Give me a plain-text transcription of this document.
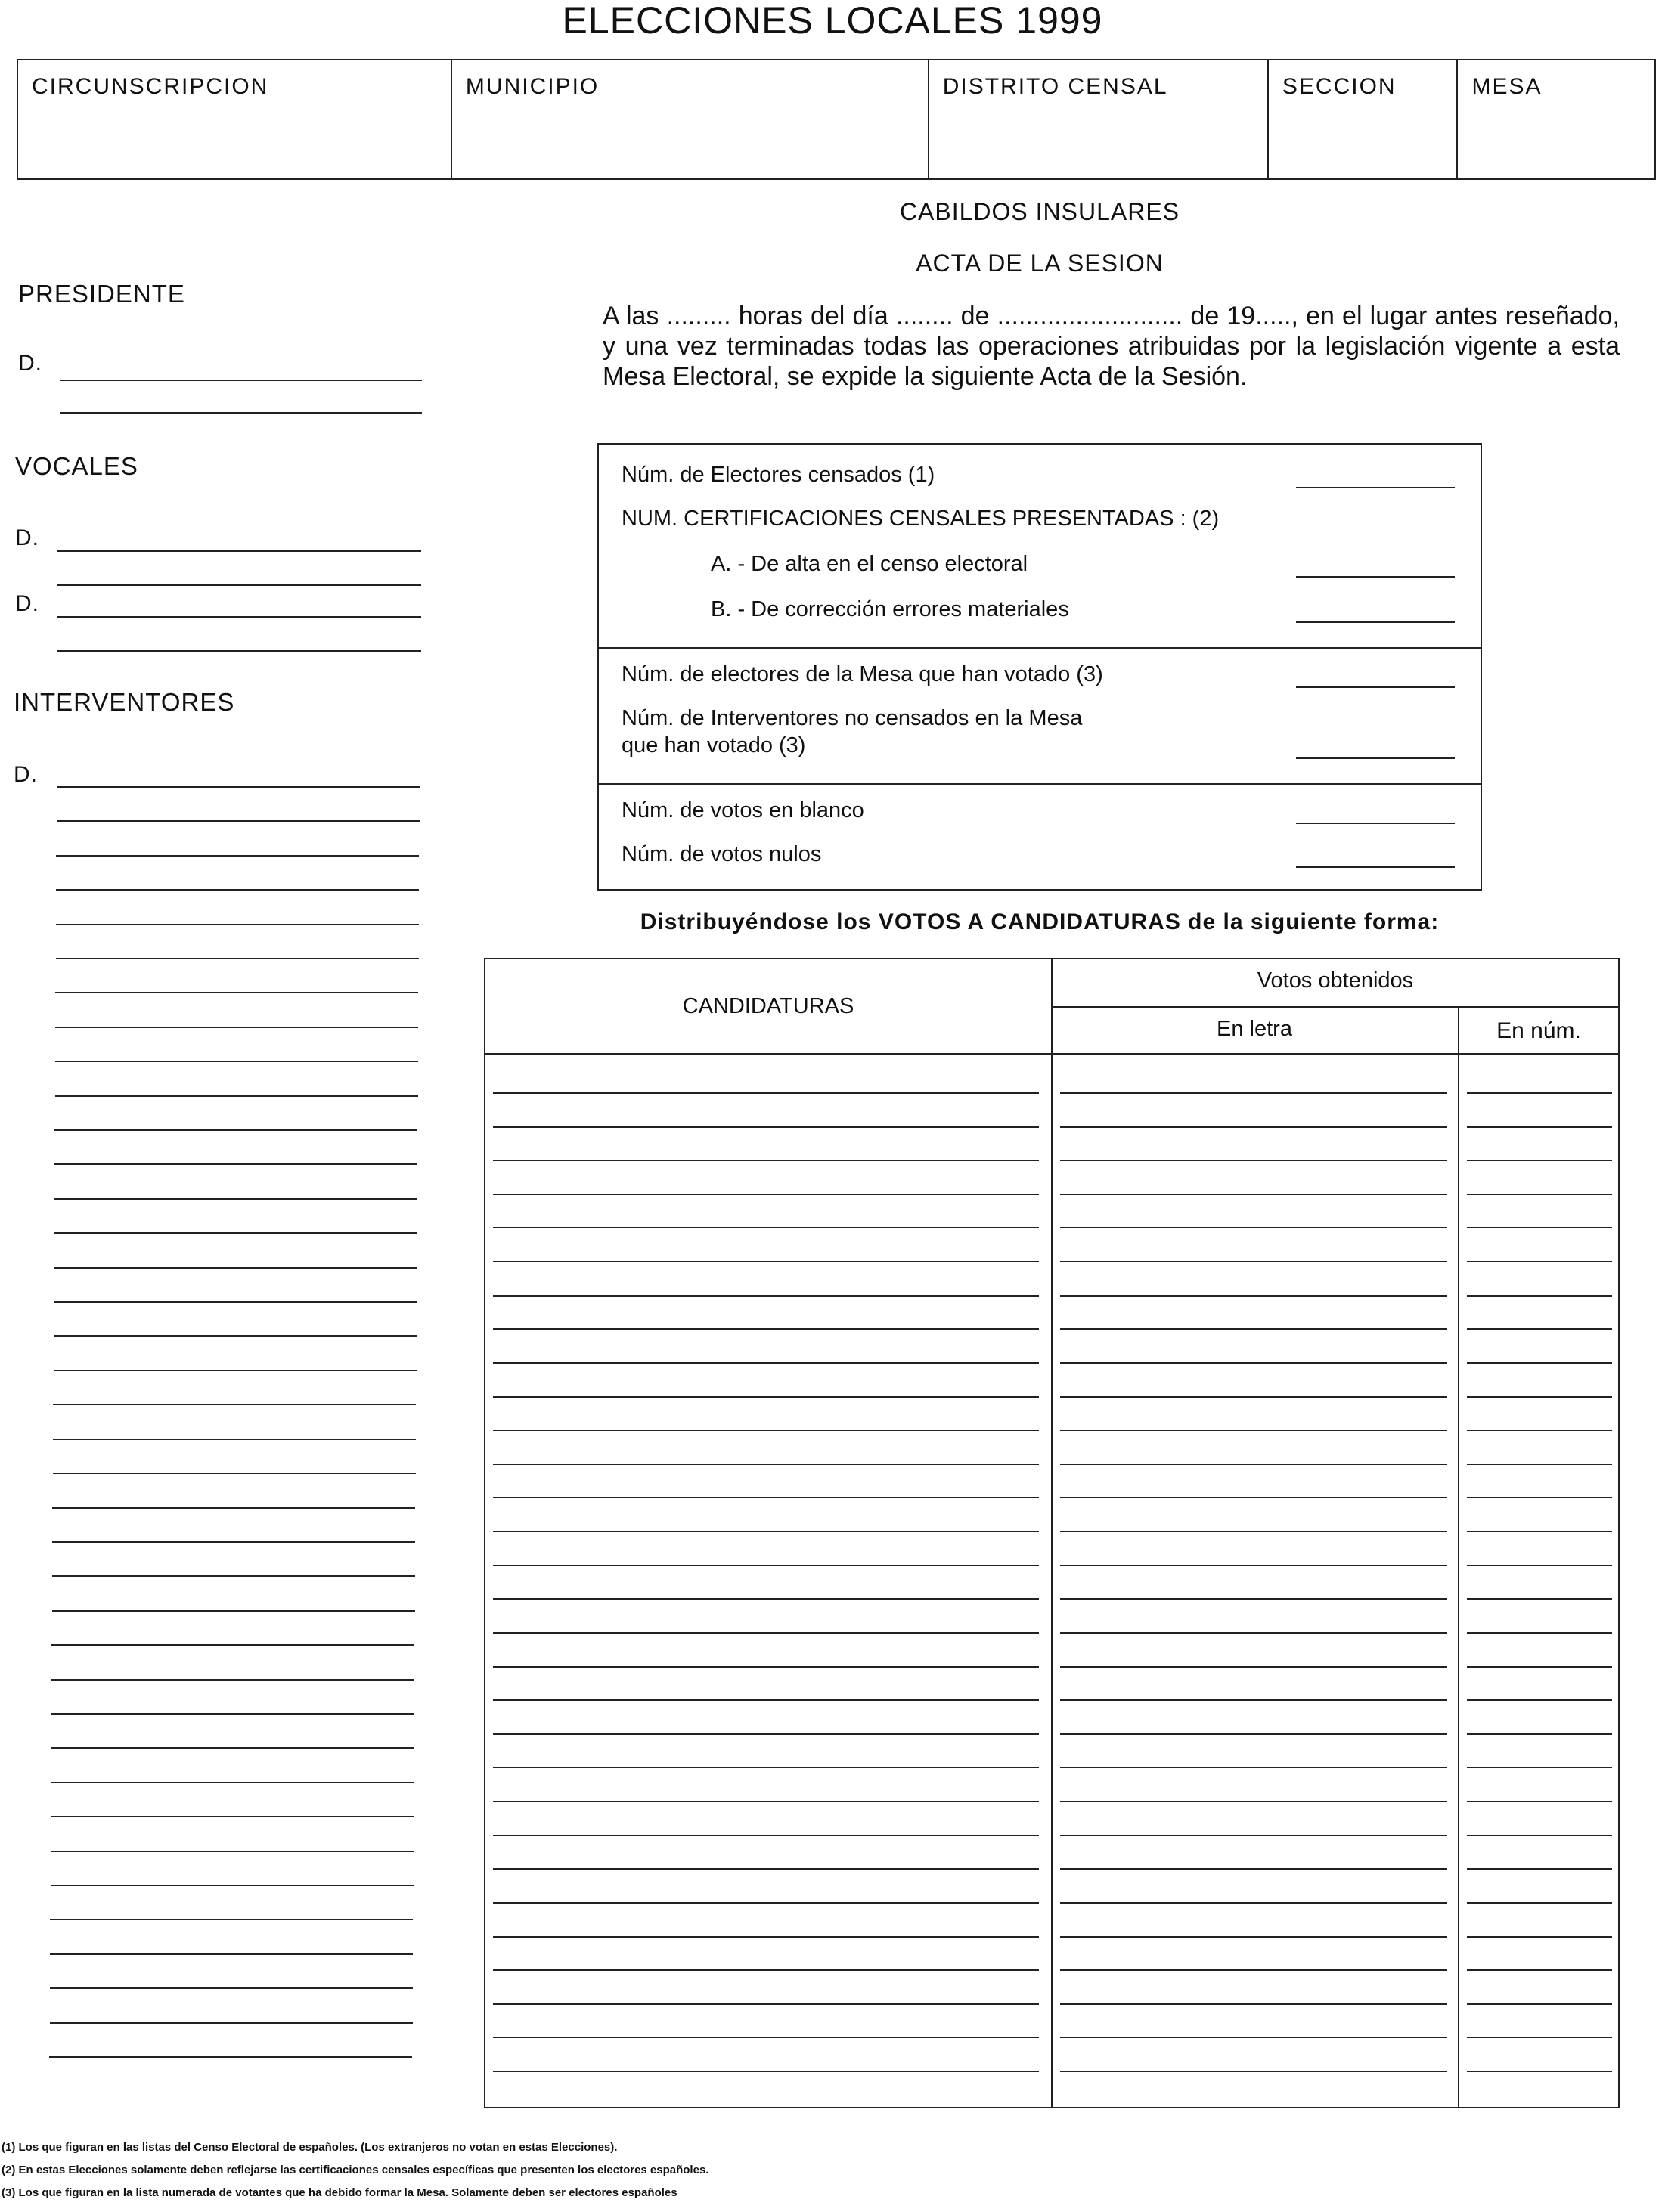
ELECCIONES LOCALES 1999
CIRCUNSCRIPCION	MUNICIPIO	DISTRITO CENSAL	SECCION	MESA
CABILDOS INSULARES
ACTA DE LA SESION
A las ......... horas del día ........ de .......................... de 19....., en el lugar antes reseñado, y una vez terminadas todas las operaciones atribuidas por la legislación vigente a esta Mesa Electoral, se expide la siguiente Acta de la Sesión.
PRESIDENTE
D.
VOCALES
D.
D.
INTERVENTORES
D.
Núm. de Electores censados (1)
NUM. CERTIFICACIONES CENSALES PRESENTADAS : (2)
A. - De alta en el censo electoral
B. - De corrección errores materiales
Núm. de electores de la Mesa que han votado (3)
Núm. de Interventores no censados en la Mesa
que han votado (3)
Núm. de votos en blanco
Núm. de votos nulos
Distribuyéndose los VOTOS A CANDIDATURAS de la siguiente forma:
CANDIDATURAS
Votos obtenidos
En letra	En núm.
(1) Los que figuran en las listas del Censo Electoral de españoles. (Los extranjeros no votan en estas Elecciones).
(2) En estas Elecciones solamente deben reflejarse las certificaciones censales específicas que presenten los electores españoles.
(3) Los que figuran en la lista numerada de votantes que ha debido formar la Mesa. Solamente deben ser electores españoles
